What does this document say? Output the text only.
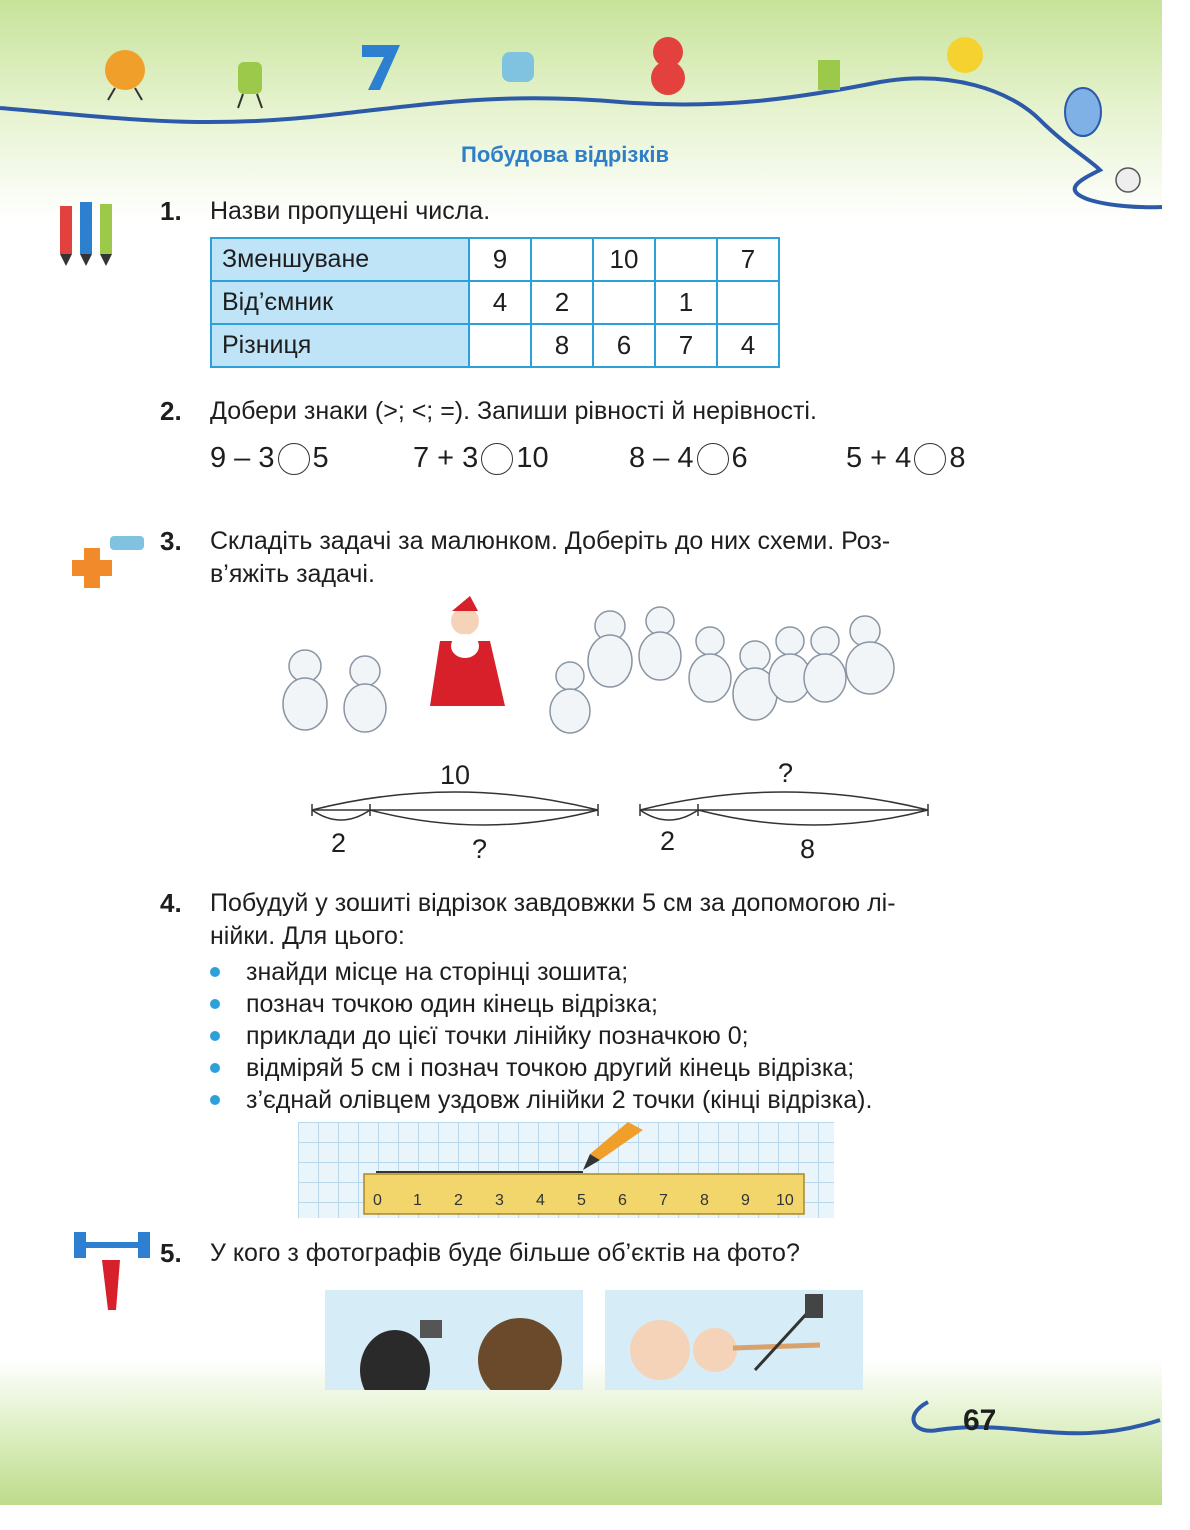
Побудова відрізків
1. Назви пропущені числа.
Зменшуване	9		10		7
Від’ємник	4	2		1	
Різниця		8	6	7	4
2. Добери знаки (>; <; =). Запиши рівності й нерівності.
9 – 3 5	7 + 3 10	8 – 4 6	5 + 4 8
3. Складіть задачі за малюнком. Доберіть до них схеми. Роз-
в’яжіть задачі.
10
2	?
?
2	8
4. Побудуй у зошиті відрізок завдовжки 5 см за допомогою лі-
нійки. Для цього:
знайди місце на сторінці зошита;
познач точкою один кінець відрізка;
приклади до цієї точки лінійку позначкою 0;
відміряй 5 см і познач точкою другий кінець відрізка;
з’єднай олівцем уздовж лінійки 2 точки (кінці відрізка).
0 1 2 3 4 5 6 7 8 9 10
5. У кого з фотографів буде більше об’єктів на фото?
67
